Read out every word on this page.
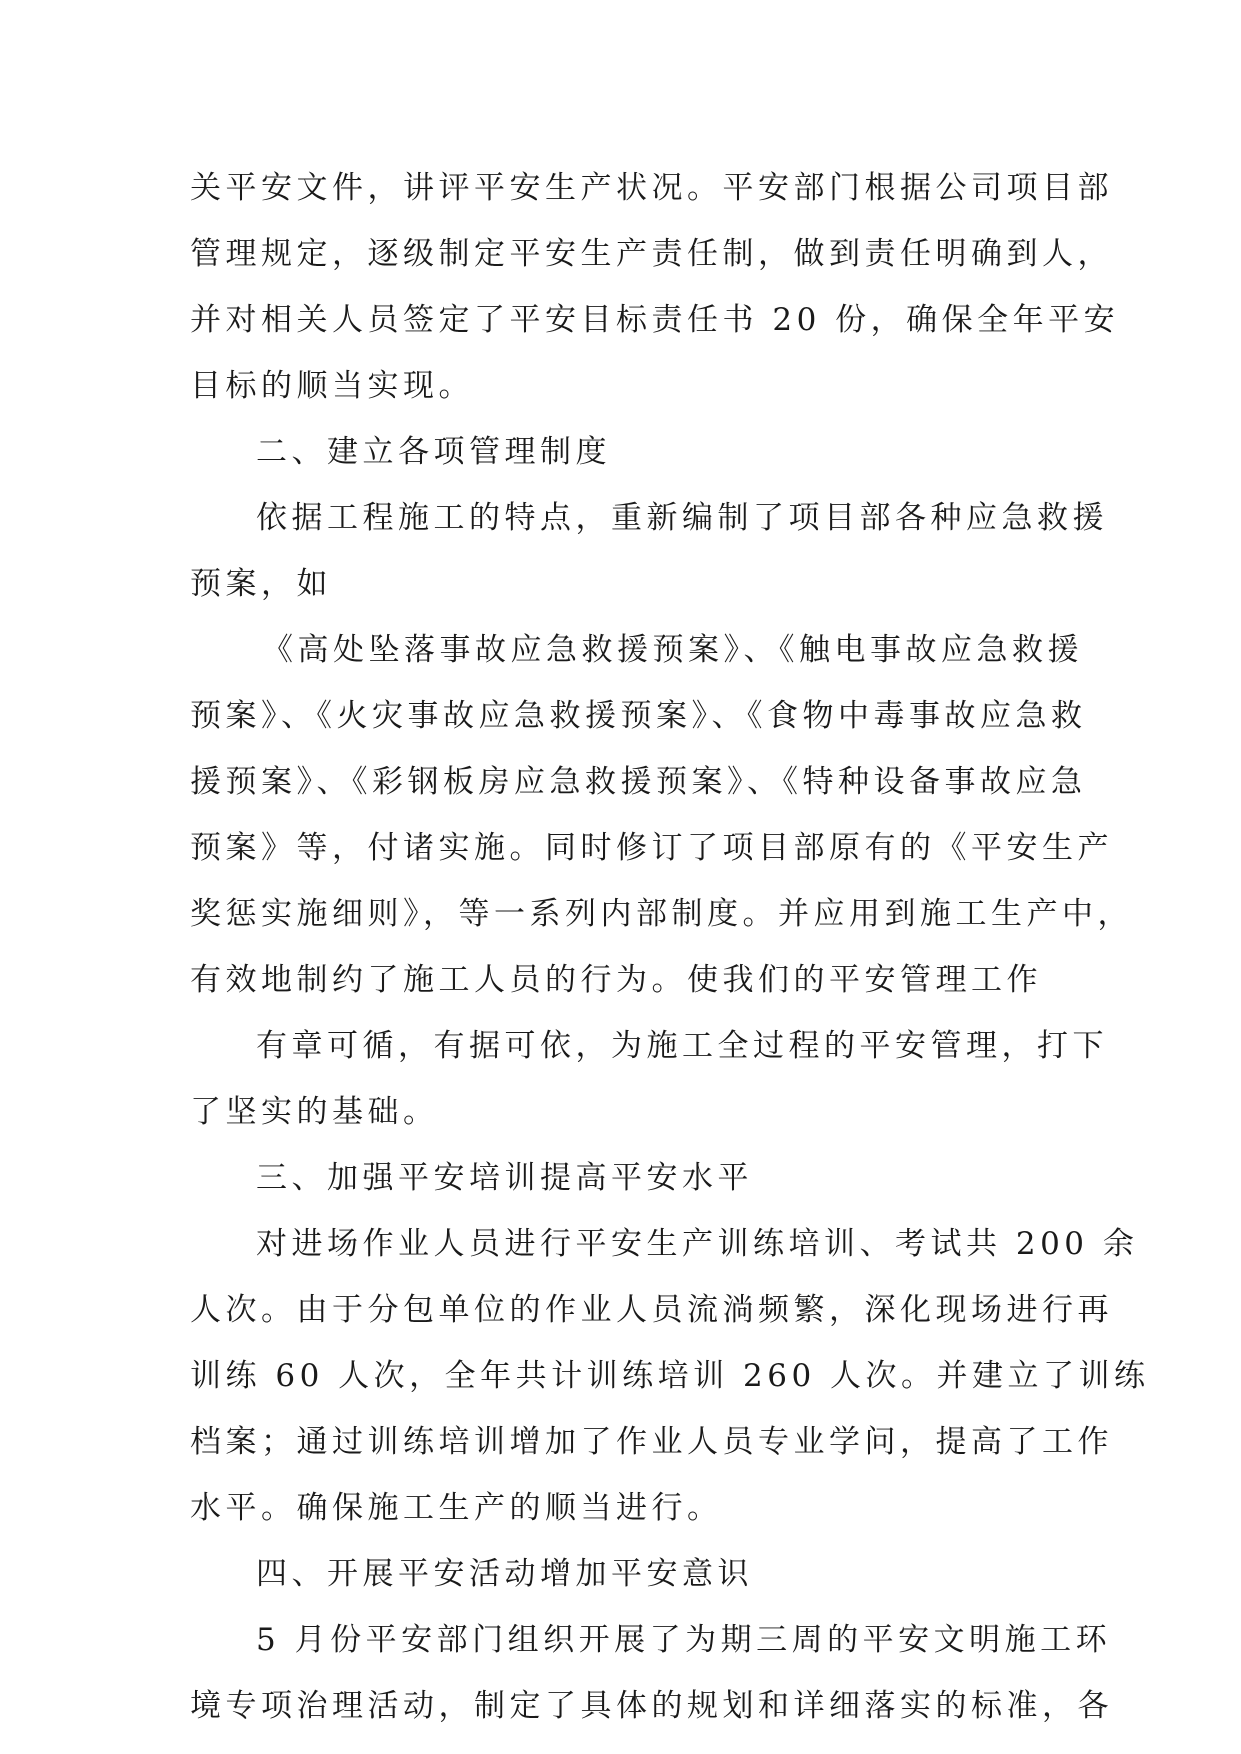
关平安文件，讲评平安生产状况。平安部门根据公司项目部
管理规定，逐级制定平安生产责任制，做到责任明确到人，
并对相关人员签定了平安目标责任书 20 份，确保全年平安
目标的顺当实现。
二、建立各项管理制度
依据工程施工的特点，重新编制了项目部各种应急救援
预案，如
《高处坠落事故应急救援预案》、《触电事故应急救援
预案》、《火灾事故应急救援预案》、《食物中毒事故应急救
援预案》、《彩钢板房应急救援预案》、《特种设备事故应急
预案》等，付诸实施。同时修订了项目部原有的《平安生产
奖惩实施细则》，等一系列内部制度。并应用到施工生产中，
有效地制约了施工人员的行为。使我们的平安管理工作
有章可循，有据可依，为施工全过程的平安管理，打下
了坚实的基础。
三、加强平安培训提高平安水平
对进场作业人员进行平安生产训练培训、考试共 200 余
人次。由于分包单位的作业人员流淌频繁，深化现场进行再
训练 60 人次，全年共计训练培训 260 人次。并建立了训练
档案；通过训练培训增加了作业人员专业学问，提高了工作
水平。确保施工生产的顺当进行。
四、开展平安活动增加平安意识
5 月份平安部门组织开展了为期三周的平安文明施工环
境专项治理活动，制定了具体的规划和详细落实的标准，各
